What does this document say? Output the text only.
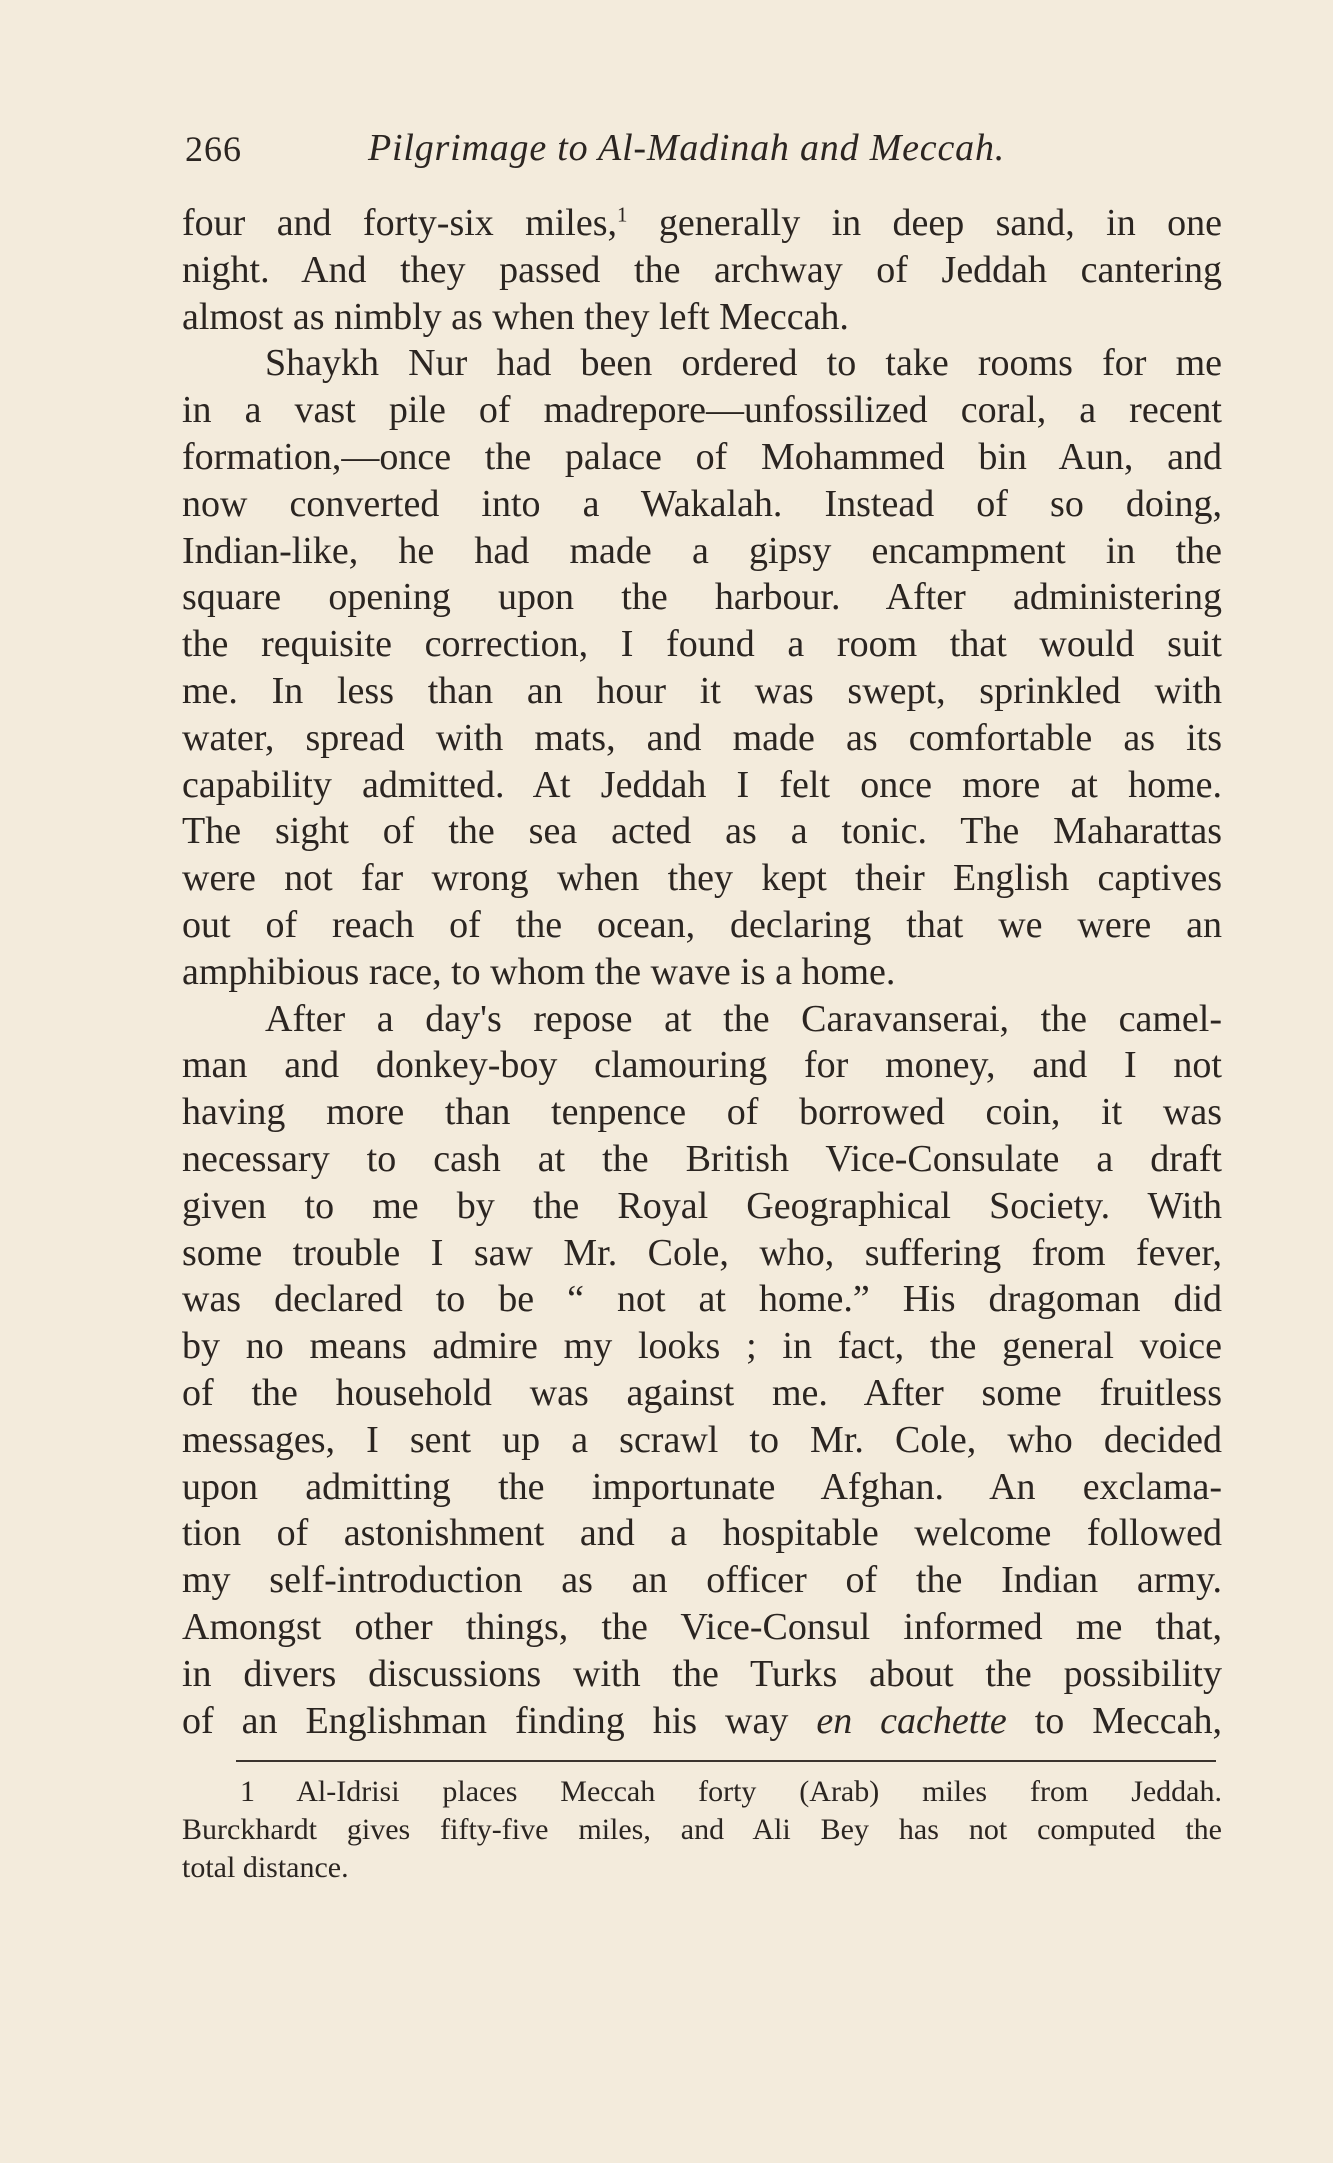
266	Pilgrimage to Al-Madinah and Meccah.
four and forty-six miles,$^1$ generally in deep sand, in one
night. And they passed the archway of Jeddah cantering
almost as nimbly as when they left Meccah.
Shaykh Nur had been ordered to take rooms for me
in a vast pile of madrepore—unfossilized coral, a recent
formation,—once the palace of Mohammed bin Aun, and
now converted into a Wakalah. Instead of so doing,
Indian-like, he had made a gipsy encampment in the
square opening upon the harbour. After administering
the requisite correction, I found a room that would suit
me. In less than an hour it was swept, sprinkled with
water, spread with mats, and made as comfortable as its
capability admitted. At Jeddah I felt once more at home.
The sight of the sea acted as a tonic. The Maharattas
were not far wrong when they kept their English captives
out of reach of the ocean, declaring that we were an
amphibious race, to whom the wave is a home.
After a day's repose at the Caravanserai, the camel-
man and donkey-boy clamouring for money, and I not
having more than tenpence of borrowed coin, it was
necessary to cash at the British Vice-Consulate a draft
given to me by the Royal Geographical Society. With
some trouble I saw Mr. Cole, who, suffering from fever,
was declared to be “ not at home.” His dragoman did
by no means admire my looks ; in fact, the general voice
of the household was against me. After some fruitless
messages, I sent up a scrawl to Mr. Cole, who decided
upon admitting the importunate Afghan. An exclama-
tion of astonishment and a hospitable welcome followed
my self-introduction as an officer of the Indian army.
Amongst other things, the Vice-Consul informed me that,
in divers discussions with the Turks about the possibility
of an Englishman finding his way en cachette to Meccah,
1 Al-Idrisi places Meccah forty (Arab) miles from Jeddah.
Burckhardt gives fifty-five miles, and Ali Bey has not computed the
total distance.
